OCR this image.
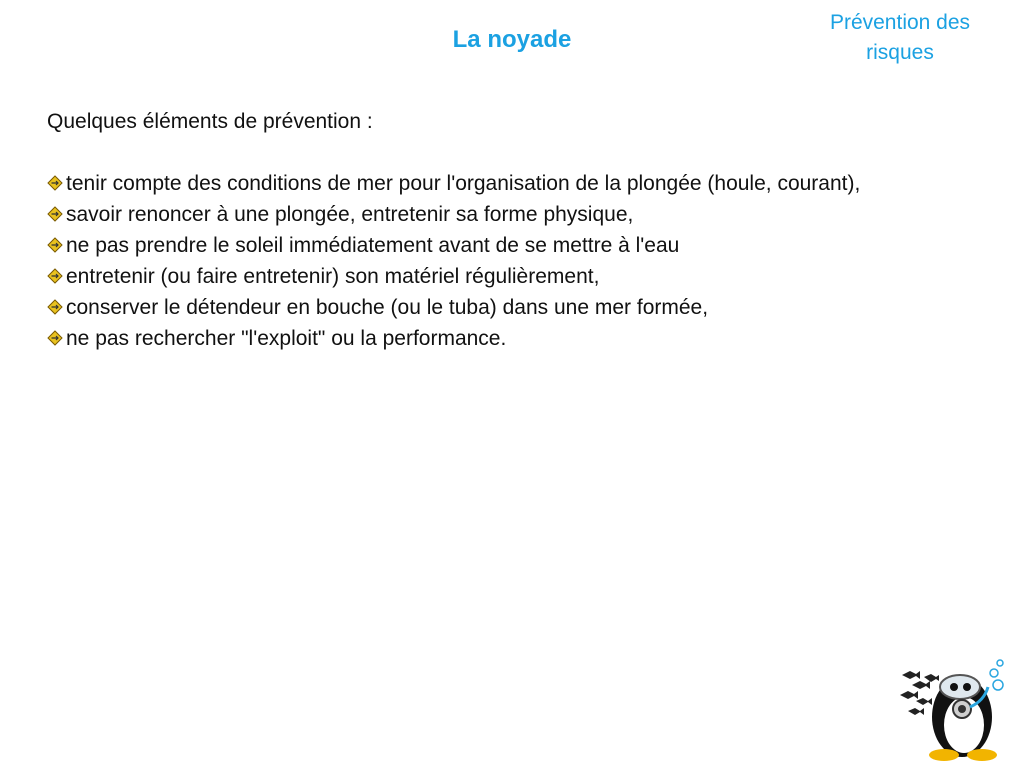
La noyade
Prévention des
risques

Quelques éléments de prévention :

tenir compte des conditions de mer pour l'organisation de la plongée (houle, courant),
savoir renoncer à une plongée, entretenir sa forme physique,
ne pas prendre le soleil immédiatement avant de se mettre à l'eau
entretenir (ou faire entretenir) son matériel régulièrement,
conserver le détendeur en bouche (ou le tuba) dans une mer formée,
ne pas rechercher "l'exploit" ou la performance.
